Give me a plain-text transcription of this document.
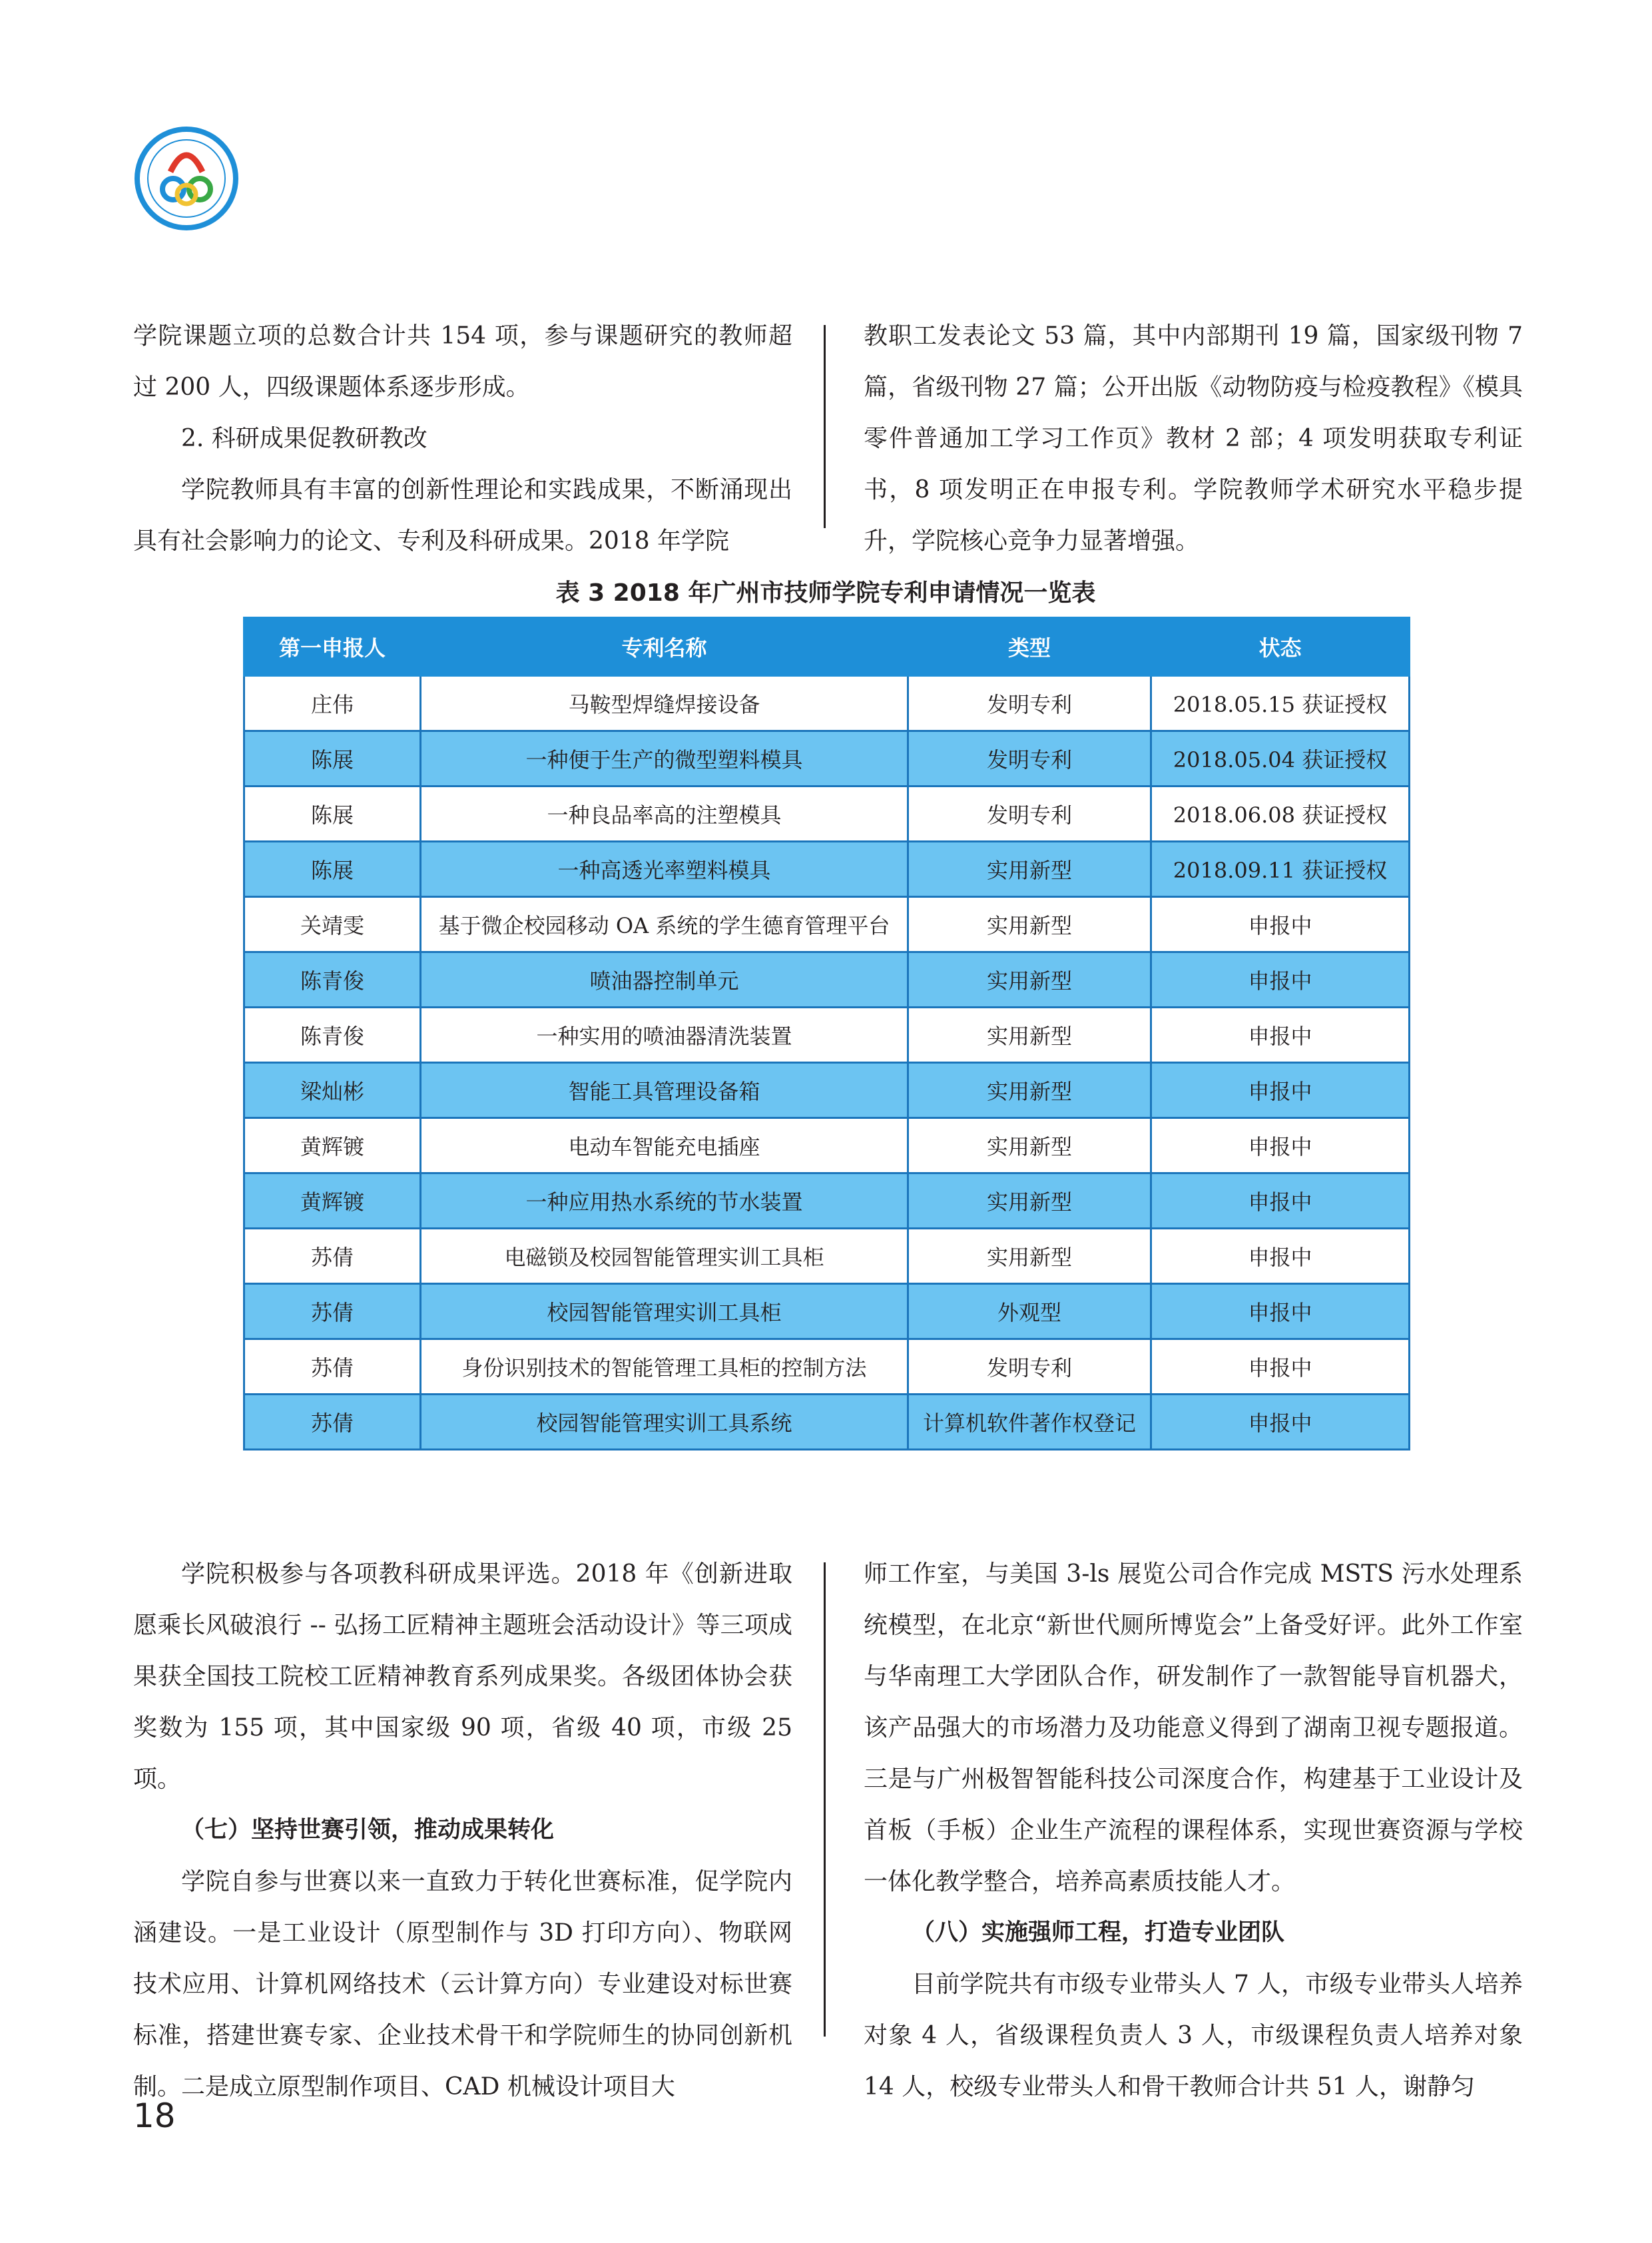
学院课题立项的总数合计共 154 项，参与课题研究的教师超过 200 人，四级课题体系逐步形成。

2. 科研成果促教研教改

学院教师具有丰富的创新性理论和实践成果，不断涌现出具有社会影响力的论文、专利及科研成果。2018 年学院

教职工发表论文 53 篇，其中内部期刊 19 篇，国家级刊物 7 篇，省级刊物 27 篇；公开出版《动物防疫与检疫教程》《模具零件普通加工学习工作页》教材 2 部；4 项发明获取专利证书，8 项发明正在申报专利。学院教师学术研究水平稳步提升，学院核心竞争力显著增强。

表 3 2018 年广州市技师学院专利申请情况一览表
第一申报人	专利名称	类型	状态
庄伟	马鞍型焊缝焊接设备	发明专利	2018.05.15 获证授权
陈展	一种便于生产的微型塑料模具	发明专利	2018.05.04 获证授权
陈展	一种良品率高的注塑模具	发明专利	2018.06.08 获证授权
陈展	一种高透光率塑料模具	实用新型	2018.09.11 获证授权
关靖雯	基于微企校园移动 OA 系统的学生德育管理平台	实用新型	申报中
陈青俊	喷油器控制单元	实用新型	申报中
陈青俊	一种实用的喷油器清洗装置	实用新型	申报中
梁灿彬	智能工具管理设备箱	实用新型	申报中
黄辉镀	电动车智能充电插座	实用新型	申报中
黄辉镀	一种应用热水系统的节水装置	实用新型	申报中
苏倩	电磁锁及校园智能管理实训工具柜	实用新型	申报中
苏倩	校园智能管理实训工具柜	外观型	申报中
苏倩	身份识别技术的智能管理工具柜的控制方法	发明专利	申报中
苏倩	校园智能管理实训工具系统	计算机软件著作权登记	申报中

学院积极参与各项教科研成果评选。2018 年《创新进取 愿乘长风破浪行 -- 弘扬工匠精神主题班会活动设计》等三项成果获全国技工院校工匠精神教育系列成果奖。各级团体协会获奖数为 155 项，其中国家级 90 项，省级 40 项，市级 25 项。

（七）坚持世赛引领，推动成果转化

学院自参与世赛以来一直致力于转化世赛标准，促学院内涵建设。一是工业设计（原型制作与 3D 打印方向）、物联网技术应用、计算机网络技术（云计算方向）专业建设对标世赛标准，搭建世赛专家、企业技术骨干和学院师生的协同创新机制。二是成立原型制作项目、CAD 机械设计项目大

师工作室，与美国 3-ls 展览公司合作完成 MSTS 污水处理系统模型，在北京“新世代厕所博览会”上备受好评。此外工作室与华南理工大学团队合作，研发制作了一款智能导盲机器犬，该产品强大的市场潜力及功能意义得到了湖南卫视专题报道。三是与广州极智智能科技公司深度合作，构建基于工业设计及首板（手板）企业生产流程的课程体系，实现世赛资源与学校一体化教学整合，培养高素质技能人才。

（八）实施强师工程，打造专业团队

目前学院共有市级专业带头人 7 人，市级专业带头人培养对象 4 人，省级课程负责人 3 人，市级课程负责人培养对象 14 人，校级专业带头人和骨干教师合计共 51 人，谢静匀

18
